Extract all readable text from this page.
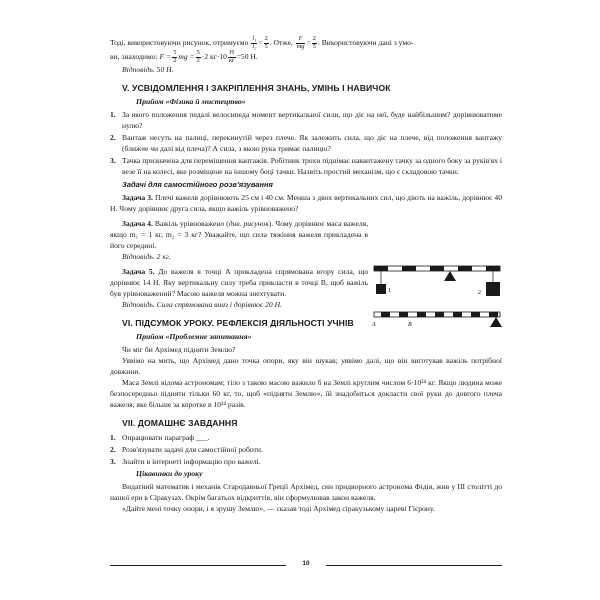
Тоді, використовуючи рисунок, отримуємо $\frac{\text{l₁}}{\text{l₂}} = \frac{2}{5}$ . Отже, $\frac{F}{mg} = \frac{2}{5}$ . Використовуючи дані з умо-

ви, знаходимо: $F = \frac{5}{2}$ mg = $\frac{5}{2} \cdot 2$ $кг\cdot 10 \frac{Н}{кг} =50$ Н.

Відповідь. 50 Н.

V. УСВІДОМЛЕННЯ І ЗАКРІПЛЕННЯ ЗНАНЬ, УМІНЬ І НАВИЧОК
Прийом «Фізика й мистецтво»
1. За якого положення педалі велосипеда момент вертикальної сили, що діє на неї, буде найбільшим? дорівнюватиме нулю?
2. Вантаж несуть на палиці, перекинутій через плече. Як залежить сила, що діє на плече, від положення вантажу (ближче чи далі від плеча)? А сила, з якою рука тримає палицю?
3. Тачка призначена для переміщення вантажів. Робітник трохи піднімає навантажену тачку за одного боку за руків'ях і везе її на колесі, яке розміщене на іншому боці тачки. Назвіть простий механізм, що є складовою тачки.
Задачі для самостійного розв'язування

Задача 3. Плечі важеля дорівнюють 25 см і 40 см. Менша з двох вертикальних сил, що діють на важіль, дорівнює 40 Н. Чому дорівнює друга сила, якщо важіль урівноважено?

Задача 4. Важіль урівноважено (див. рисунок). Чому дорівнює маса важеля, якщо m₁ = 1 кг, m₂ = 3 кг? Уважайте, що сила тяжіння важеля прикладена в його середині.

Відповідь. 2 кг.

Задача 5. До важеля в точці А прикладена спрямована вгору сила, що дорівнює 14 Н. Яку вертикальну силу треба прикласти в точці В, щоб важіль був урівноважений? Масою важеля можна знехтувати.

Відповідь. Сила спрямована вниз і дорівнює 20 Н.

VI. ПІДСУМОК УРОКУ. РЕФЛЕКСІЯ ДІЯЛЬНОСТІ УЧНІВ
Прийом «Проблемне запитання»

Чи міг би Архімед підняти Землю?

Уявімо на мить, що Архімед дано точка опори, яку він шукав; уявімо далі, що він виготував важіль потрібної довжини.

Маса Землі відома астрономам; тіло з такою масою важило б на Землі круглим числом 6·10²⁴ кг. Якщо людина може безпосередньо підняти тільки 60 кг, то, щоб «підняти Землю», їй знадобиться докласти свої руки до довгого плеча важеля, яке більше за коротке в 10²⁴ разів.

VII. ДОМАШНЄ ЗАВДАННЯ
1. Опрацювати параграф ___.
2. Розв'язувати задачі для самостійної роботи.
3. Знайти в інтернеті інформацію про важелі.
Цікавинки до уроку

Видатний математик і механік Стародавньої Греції Архімед, син придворного астронома Фідія, жив у ІІІ столітті до нашої ери в Сіракузах. Окрім багатьох відкриттів, він сформулював закон важеля.

«Дайте мені точку опори, і я зрушу Землю», — сказав тоді Архімед сіракузькому цареві Гієрону.

1	2
A	B
10
